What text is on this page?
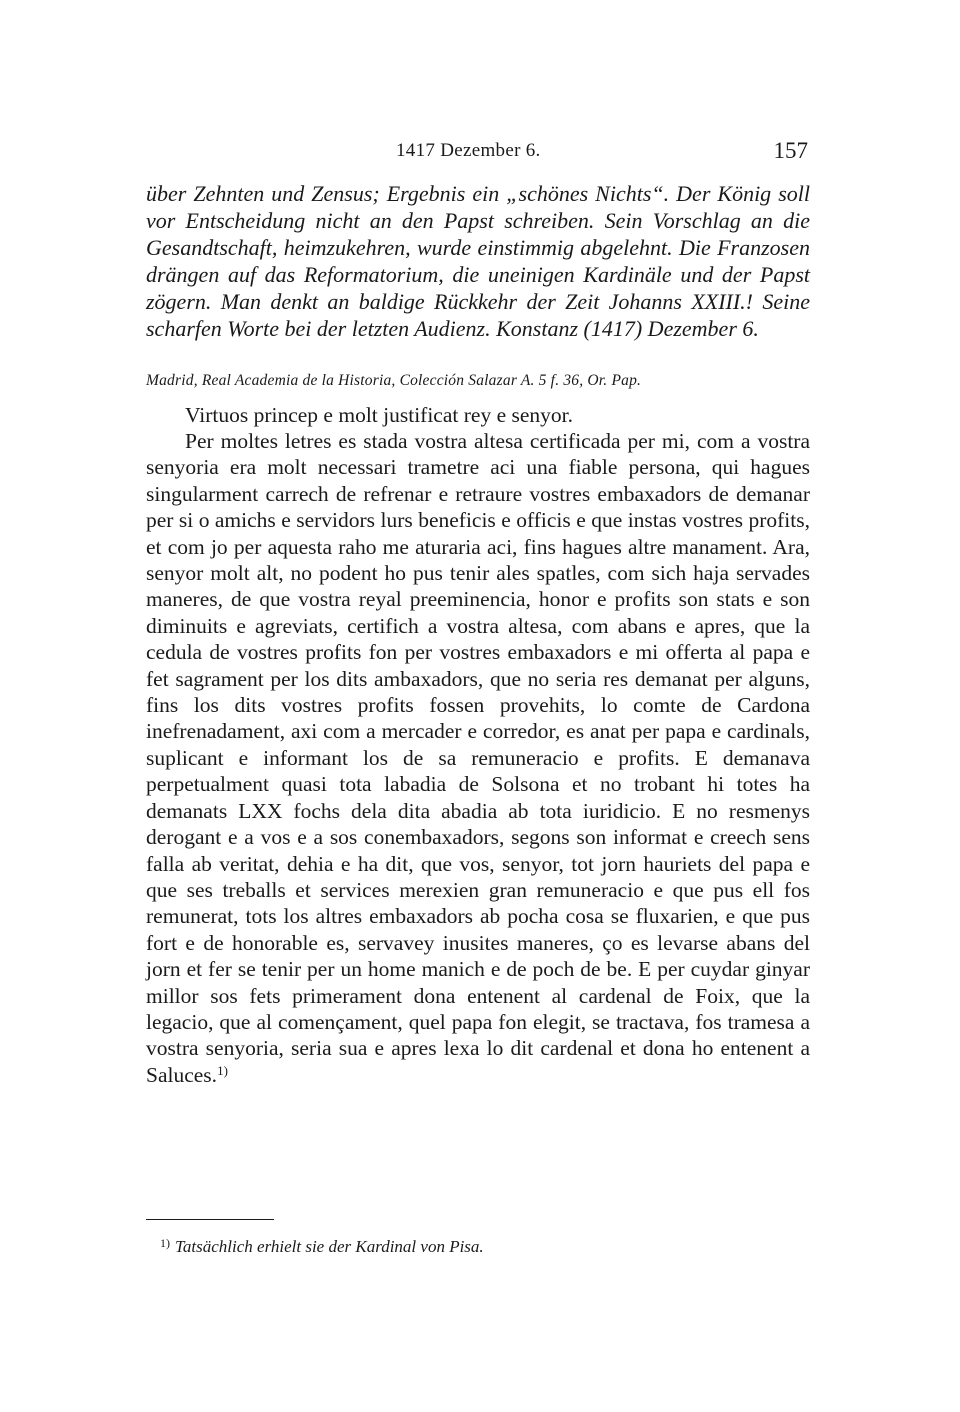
1417 Dezember 6.	157

über Zehnten und Zensus; Ergebnis ein „schönes Nichts“. Der König soll vor Entscheidung nicht an den Papst schreiben. Sein Vorschlag an die Gesandtschaft, heimzukehren, wurde einstimmig abgelehnt. Die Franzosen drängen auf das Reformatorium, die uneinigen Kardinäle und der Papst zögern. Man denkt an baldige Rückkehr der Zeit Johanns XXIII.! Seine scharfen Worte bei der letzten Audienz. Konstanz (1417) Dezember 6.

Madrid, Real Academia de la Historia, Colección Salazar A. 5 f. 36, Or. Pap.
Virtuos princep e molt justificat rey e senyor.

Per moltes letres es stada vostra altesa certificada per mi, com a vostra senyoria era molt necessari trametre aci una fiable persona, qui hagues singularment carrech de refrenar e retraure vostres embaxadors de demanar per si o amichs e servidors lurs beneficis e officis e que instas vostres profits, et com jo per aquesta raho me aturaria aci, fins hagues altre manament. Ara, senyor molt alt, no podent ho pus tenir ales spatles, com sich haja servades maneres, de que vostra reyal preeminencia, honor e profits son stats e son diminuits e agreviats, certifich a vostra altesa, com abans e apres, que la cedula de vostres profits fon per vostres embaxadors e mi offerta al papa e fet sagrament per los dits ambaxadors, que no seria res demanat per alguns, fins los dits vostres profits fossen provehits, lo comte de Cardona inefrenadament, axi com a mercader e corredor, es anat per papa e cardinals, suplicant e informant los de sa remuneracio e profits. E demanava perpetualment quasi tota labadia de Solsona et no trobant hi totes ha demanats LXX fochs dela dita abadia ab tota iuridicio. E no resmenys derogant e a vos e a sos conembaxadors, segons son informat e creech sens falla ab veritat, dehia e ha dit, que vos, senyor, tot jorn hauriets del papa e que ses treballs et services merexien gran remuneracio e que pus ell fos remunerat, tots los altres embaxadors ab pocha cosa se fluxarien, e que pus fort e de honorable es, servavey inusites maneres, ço es levarse abans del jorn et fer se tenir per un home manich e de poch de be. E per cuydar ginyar millor sos fets primerament dona entenent al cardenal de Foix, que la legacio, que al començament, quel papa fon elegit, se tractava, fos tramesa a vostra senyoria, seria sua e apres lexa lo dit cardenal et dona ho entenent a Saluces.$^{1)}$

$^{1)}$ Tatsächlich erhielt sie der Kardinal von Pisa.
